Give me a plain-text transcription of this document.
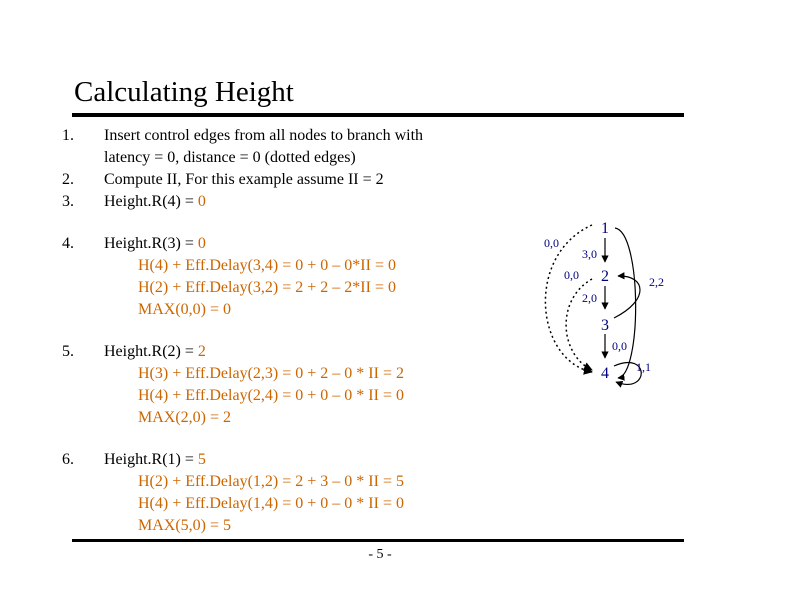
Calculating Height
1. Insert control edges from all nodes to branch with
latency = 0, distance = 0 (dotted edges)
2. Compute II, For this example assume II = 2
3. Height.R(4) = 0
4. Height.R(3) = 0
H(4) + Eff.Delay(3,4) = 0 + 0 – 0*II = 0
H(2) + Eff.Delay(3,2) = 2 + 2 – 2*II = 0
MAX(0,0) = 0
5. Height.R(2) = 2
H(3) + Eff.Delay(2,3) = 0 + 2 – 0 * II = 2
H(4) + Eff.Delay(2,4) = 0 + 0 – 0 * II = 0
MAX(2,0) = 2
6. Height.R(1) = 5
H(2) + Eff.Delay(1,2) = 2 + 3 – 0 * II = 5
H(4) + Eff.Delay(1,4) = 0 + 0 – 0 * II = 0
MAX(5,0) = 5
- 5 -
1
2
3
4
0,0
3,0
0,0	2,2
2,0
0,0
1,1
